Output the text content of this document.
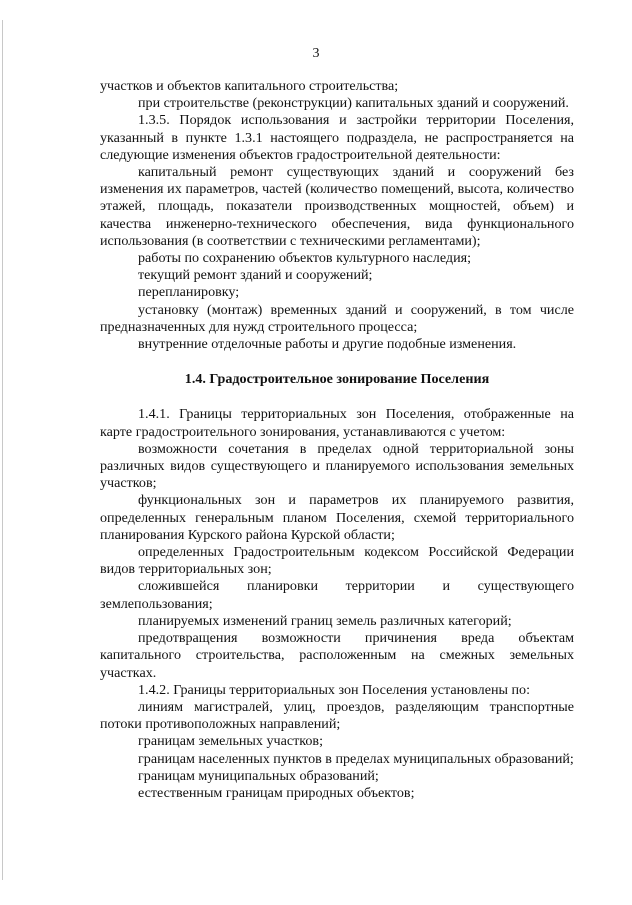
3

участков и объектов капитального строительства;

при строительстве (реконструкции) капитальных зданий и сооружений.

1.3.5. Порядок использования и застройки территории Поселения, указанный в пункте 1.3.1 настоящего подраздела, не распространяется на следующие изменения объектов градостроительной деятельности:

капитальный ремонт существующих зданий и сооружений без изменения их параметров, частей (количество помещений, высота, количество этажей, площадь, показатели производственных мощностей, объем) и качества инженерно-технического обеспечения, вида функционального использования (в соответствии с техническими регламентами);

работы по сохранению объектов культурного наследия;

текущий ремонт зданий и сооружений;

перепланировку;

установку (монтаж) временных зданий и сооружений, в том числе предназначенных для нужд строительного процесса;

внутренние отделочные работы и другие подобные изменения.

1.4. Градостроительное зонирование Поселения

1.4.1. Границы территориальных зон Поселения, отображенные на карте градостроительного зонирования, устанавливаются с учетом:

возможности сочетания в пределах одной территориальной зоны различных видов существующего и планируемого использования земельных участков;

функциональных зон и параметров их планируемого развития, определенных генеральным планом Поселения, схемой территориального планирования Курского района Курской области;

определенных Градостроительным кодексом Российской Федерации видов территориальных зон;

сложившейся планировки территории и существующего землепользования;

планируемых изменений границ земель различных категорий;

предотвращения возможности причинения вреда объектам капитального строительства, расположенным на смежных земельных участках.

1.4.2. Границы территориальных зон Поселения установлены по:

линиям магистралей, улиц, проездов, разделяющим транспортные потоки противоположных направлений;

границам земельных участков;

границам населенных пунктов в пределах муниципальных образований;

границам муниципальных образований;

естественным границам природных объектов;
